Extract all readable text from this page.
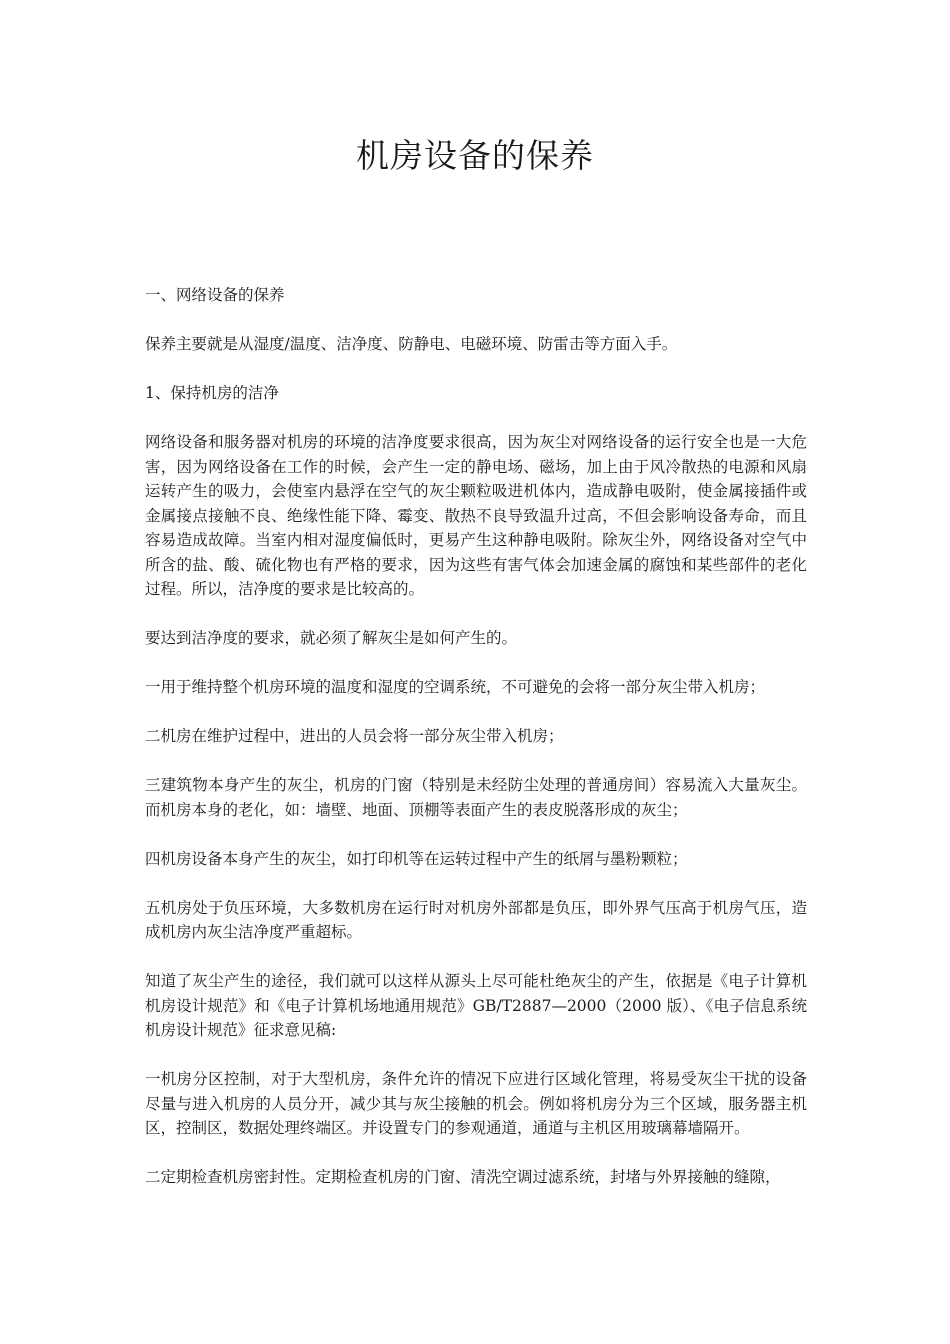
机房设备的保养

一、网络设备的保养

保养主要就是从湿度/温度、洁净度、防静电、电磁环境、防雷击等方面入手。

1、保持机房的洁净

网络设备和服务器对机房的环境的洁净度要求很高，因为灰尘对网络设备的运行安全也是一大危害，因为网络设备在工作的时候，会产生一定的静电场、磁场，加上由于风冷散热的电源和风扇运转产生的吸力，会使室内悬浮在空气的灰尘颗粒吸进机体内，造成静电吸附，使金属接插件或金属接点接触不良、绝缘性能下降、霉变、散热不良导致温升过高，不但会影响设备寿命，而且容易造成故障。当室内相对湿度偏低时，更易产生这种静电吸附。除灰尘外，网络设备对空气中所含的盐、酸、硫化物也有严格的要求，因为这些有害气体会加速金属的腐蚀和某些部件的老化过程。所以，洁净度的要求是比较高的。

要达到洁净度的要求，就必须了解灰尘是如何产生的。

一用于维持整个机房环境的温度和湿度的空调系统，不可避免的会将一部分灰尘带入机房；

二机房在维护过程中，进出的人员会将一部分灰尘带入机房；

三建筑物本身产生的灰尘，机房的门窗（特别是未经防尘处理的普通房间）容易流入大量灰尘。而机房本身的老化，如：墙壁、地面、顶棚等表面产生的表皮脱落形成的灰尘；

四机房设备本身产生的灰尘，如打印机等在运转过程中产生的纸屑与墨粉颗粒；

五机房处于负压环境，大多数机房在运行时对机房外部都是负压，即外界气压高于机房气压，造成机房内灰尘洁净度严重超标。

知道了灰尘产生的途径，我们就可以这样从源头上尽可能杜绝灰尘的产生，依据是《电子计算机机房设计规范》和《电子计算机场地通用规范》GB/T2887—2000（2000 版）、《电子信息系统机房设计规范》征求意见稿:

一机房分区控制，对于大型机房，条件允许的情况下应进行区域化管理，将易受灰尘干扰的设备尽量与进入机房的人员分开，减少其与灰尘接触的机会。例如将机房分为三个区域，服务器主机区，控制区，数据处理终端区。并设置专门的参观通道，通道与主机区用玻璃幕墙隔开。

二定期检查机房密封性。定期检查机房的门窗、清洗空调过滤系统，封堵与外界接触的缝隙，
